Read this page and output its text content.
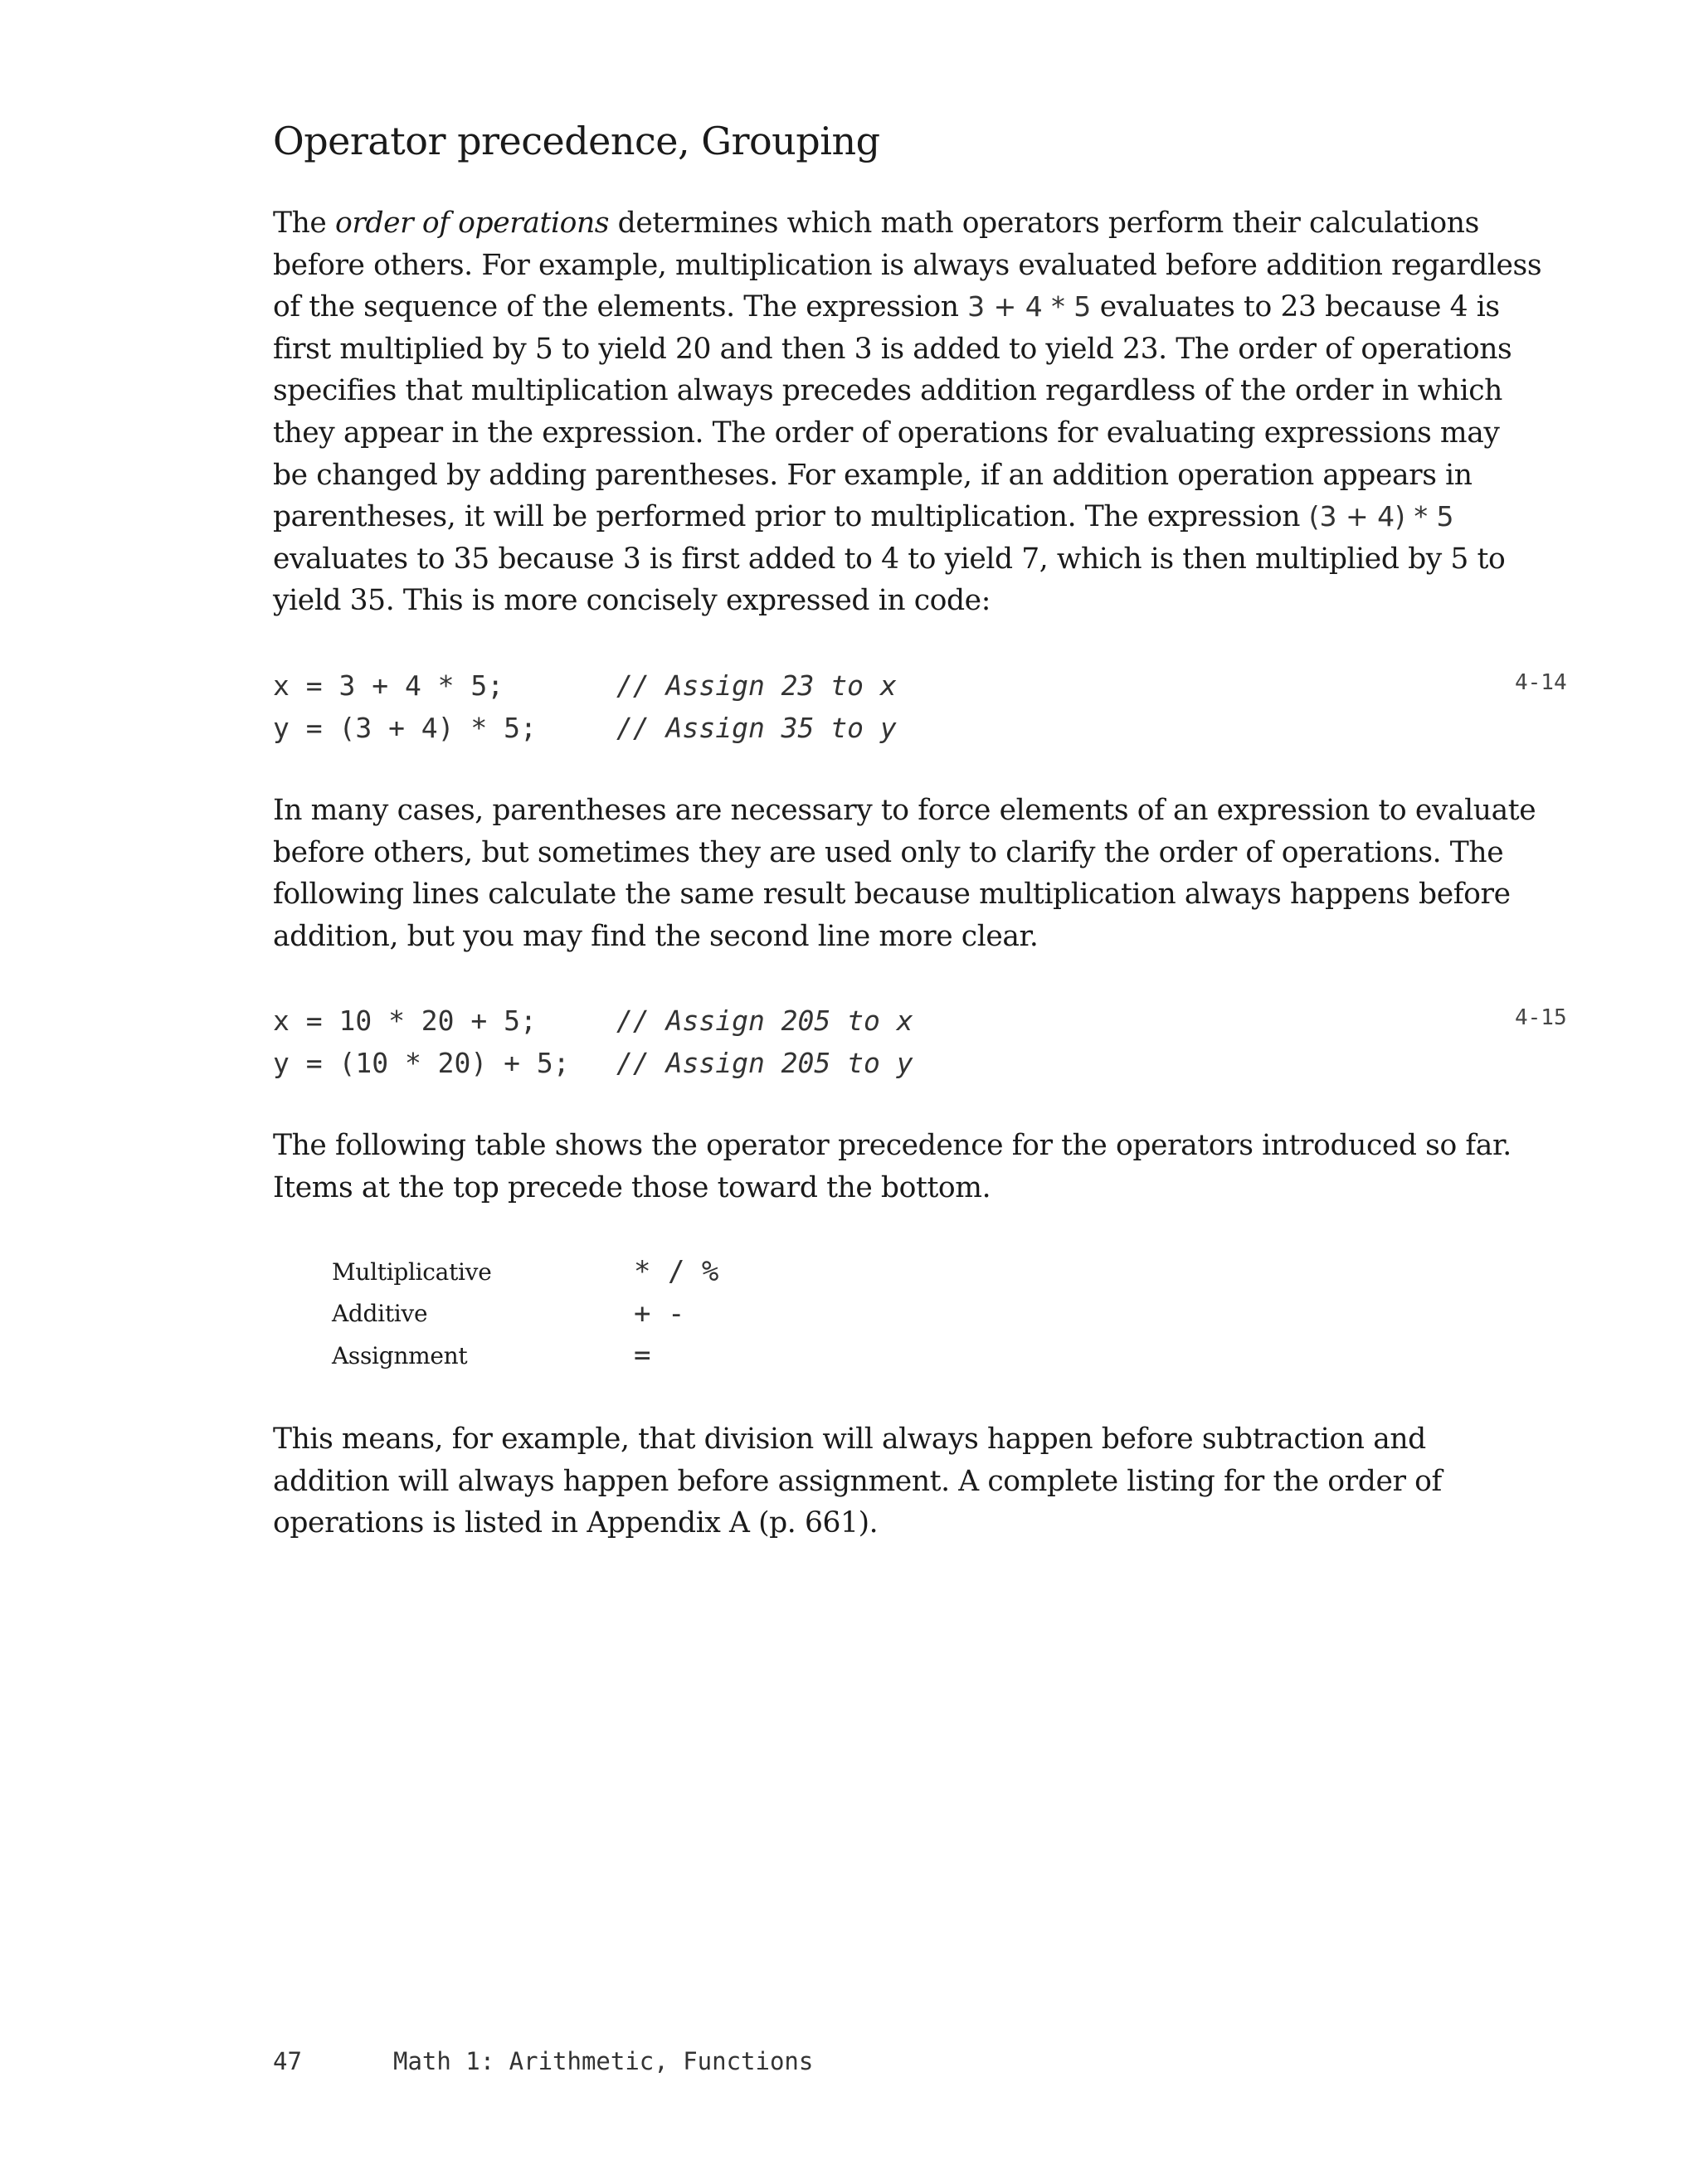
Operator precedence, Grouping

The order of operations determines which math operators perform their calculations
before others. For example, multiplication is always evaluated before addition regardless
of the sequence of the elements. The expression 3 + 4 * 5 evaluates to 23 because 4 is
first multiplied by 5 to yield 20 and then 3 is added to yield 23. The order of operations
specifies that multiplication always precedes addition regardless of the order in which
they appear in the expression. The order of operations for evaluating expressions may
be changed by adding parentheses. For example, if an addition operation appears in
parentheses, it will be performed prior to multiplication. The expression (3 + 4) * 5
evaluates to 35 because 3 is first added to 4 to yield 7, which is then multiplied by 5 to
yield 35. This is more concisely expressed in code:

x = 3 + 4 * 5;	// Assign 23 to x
y = (3 + 4) * 5;	// Assign 35 to y
4-14

In many cases, parentheses are necessary to force elements of an expression to evaluate
before others, but sometimes they are used only to clarify the order of operations. The
following lines calculate the same result because multiplication always happens before
addition, but you may find the second line more clear.

x = 10 * 20 + 5;	// Assign 205 to x
y = (10 * 20) + 5; // Assign 205 to y
4-15

The following table shows the operator precedence for the operators introduced so far.
Items at the top precede those toward the bottom.

Multiplicative	* / %
Additive	+ -
Assignment	=

This means, for example, that division will always happen before subtraction and
addition will always happen before assignment. A complete listing for the order of
operations is listed in Appendix A (p. 661).

47	Math 1: Arithmetic, Functions
